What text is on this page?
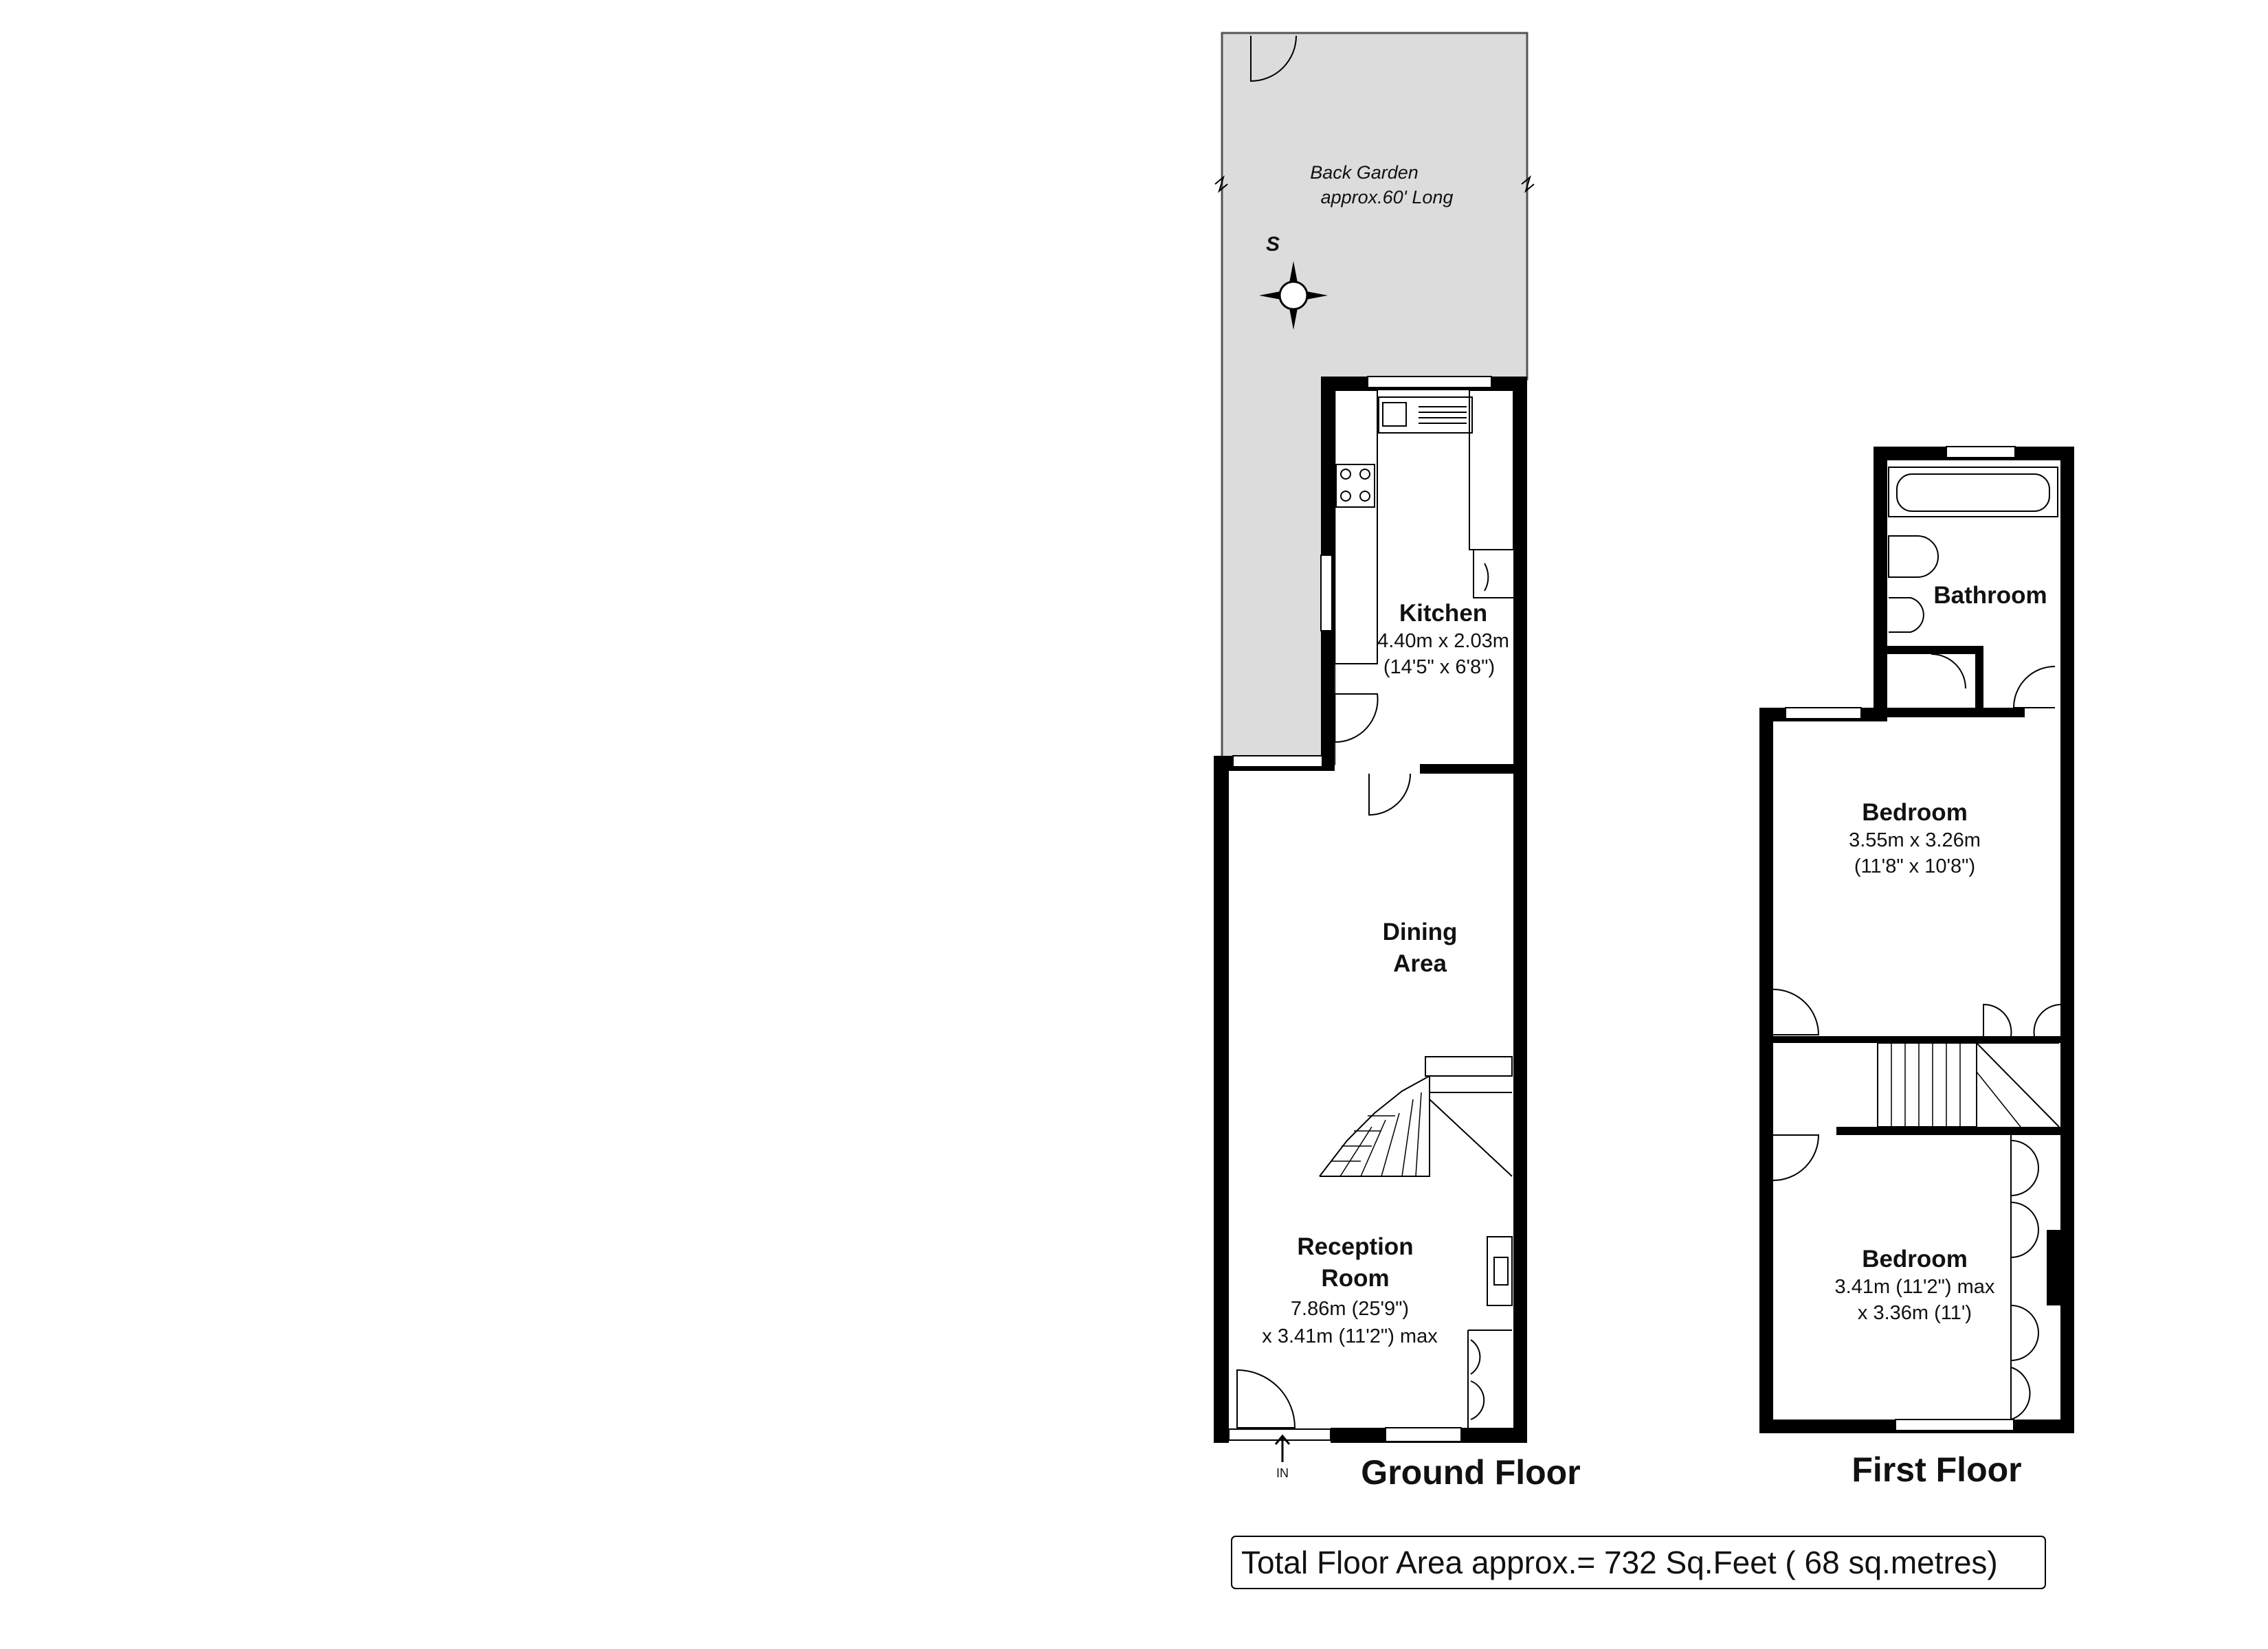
Back Garden
approx.60' Long
S
IN
Kitchen
4.40m x 2.03m
(14'5" x 6'8")
Dining
Area
Reception
Room
7.86m (25'9")
x 3.41m (11'2") max
Ground Floor
Bathroom
Bedroom
3.55m x 3.26m
(11'8" x 10'8")
Bedroom
3.41m (11'2") max
x 3.36m (11')
First Floor
Total Floor Area approx.= 732 Sq.Feet ( 68 sq.metres)
